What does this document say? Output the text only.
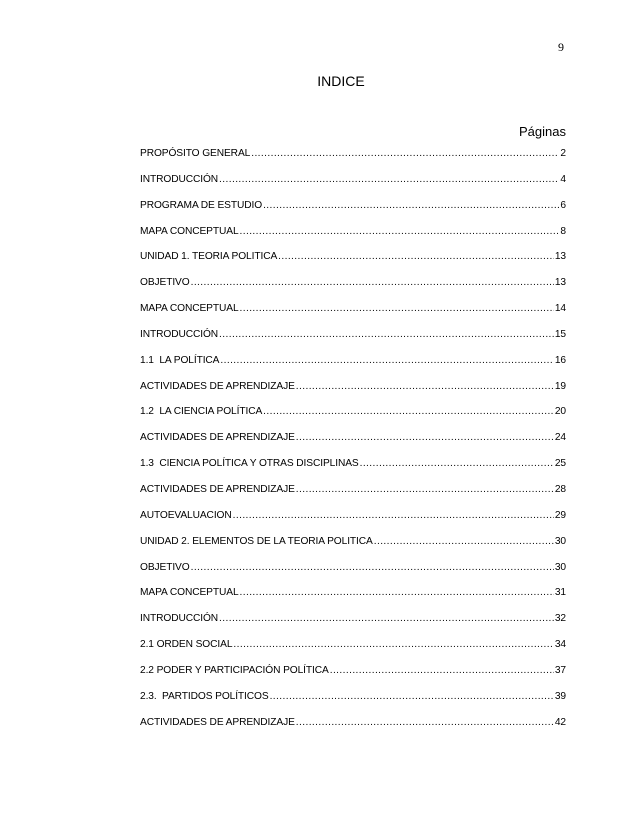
9
INDICE
Páginas
PROPÓSITO GENERAL .....	2
INTRODUCCIÓN .....	4
PROGRAMA DE ESTUDIO .....	6
MAPA CONCEPTUAL .....	8
UNIDAD 1. TEORIA POLITICA .....	13
OBJETIVO .....	13
MAPA CONCEPTUAL .....	14
INTRODUCCIÓN .....	15
1.1  LA POLÍTICA .....	16
ACTIVIDADES DE APRENDIZAJE .....	19
1.2  LA CIENCIA POLÍTICA .....	20
ACTIVIDADES DE APRENDIZAJE .....	24
1.3  CIENCIA POLÍTICA Y OTRAS DISCIPLINAS .....	25
ACTIVIDADES DE APRENDIZAJE .....	28
AUTOEVALUACION .....	29
UNIDAD 2. ELEMENTOS DE LA TEORIA POLITICA .....	30
OBJETIVO .....	30
MAPA CONCEPTUAL .....	31
INTRODUCCIÓN .....	32
2.1 ORDEN SOCIAL .....	34
2.2 PODER Y PARTICIPACIÓN POLÍTICA .....	37
2.3.  PARTIDOS POLÍTICOS .....	39
ACTIVIDADES DE APRENDIZAJE .....	42
